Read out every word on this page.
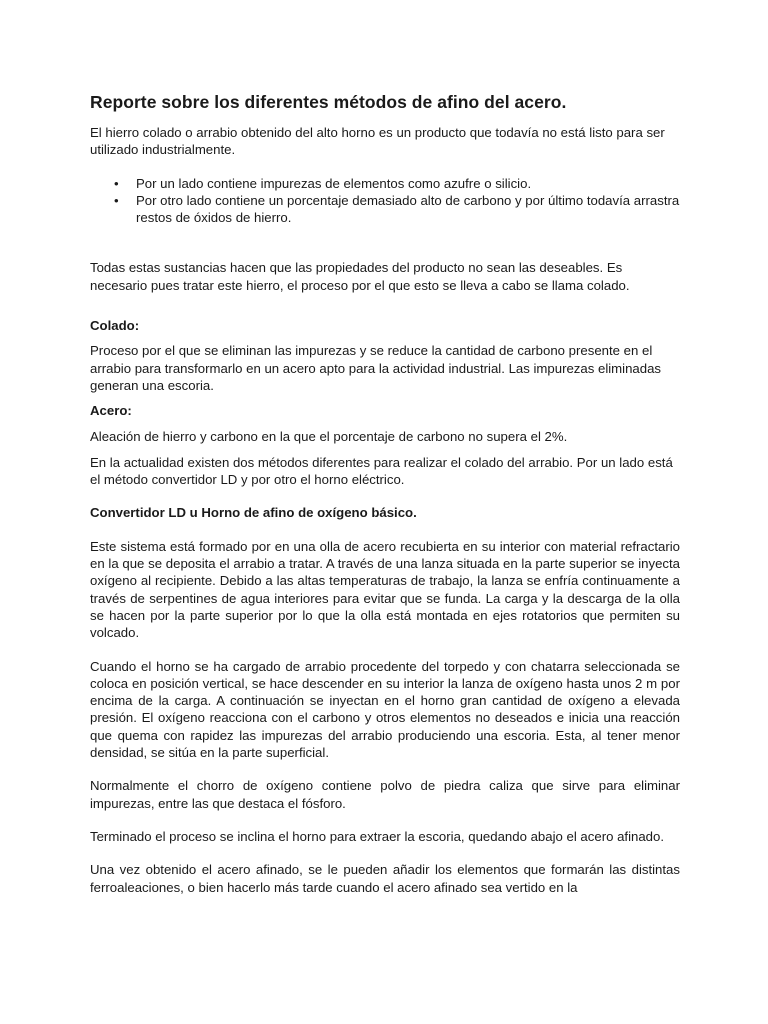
Reporte sobre los diferentes métodos de afino del acero.

El hierro colado o arrabio obtenido del alto horno es un producto que todavía no está listo para ser utilizado industrialmente.

• Por un lado contiene impurezas de elementos como azufre o silicio.
• Por otro lado contiene un porcentaje demasiado alto de carbono y por último todavía arrastra restos de óxidos de hierro.

Todas estas sustancias hacen que las propiedades del producto no sean las deseables. Es necesario pues tratar este hierro, el proceso por el que esto se lleva a cabo se llama colado.

Colado:

Proceso por el que se eliminan las impurezas y se reduce la cantidad de carbono presente en el arrabio para transformarlo en un acero apto para la actividad industrial. Las impurezas eliminadas generan una escoria.

Acero:

Aleación de hierro y carbono en la que el porcentaje de carbono no supera el 2%.

En la actualidad existen dos métodos diferentes para realizar el colado del arrabio. Por un lado está el método convertidor LD y por otro el horno eléctrico.

Convertidor LD u Horno de afino de oxígeno básico.

Este sistema está formado por en una olla de acero recubierta en su interior con material refractario en la que se deposita el arrabio a tratar. A través de una lanza situada en la parte superior se inyecta oxígeno al recipiente. Debido a las altas temperaturas de trabajo, la lanza se enfría continuamente a través de serpentines de agua interiores para evitar que se funda. La carga y la descarga de la olla se hacen por la parte superior por lo que la olla está montada en ejes rotatorios que permiten su volcado.

Cuando el horno se ha cargado de arrabio procedente del torpedo y con chatarra seleccionada se coloca en posición vertical, se hace descender en su interior la lanza de oxígeno hasta unos 2 m por encima de la carga. A continuación se inyectan en el horno gran cantidad de oxígeno a elevada presión. El oxígeno reacciona con el carbono y otros elementos no deseados e inicia una reacción que quema con rapidez las impurezas del arrabio produciendo una escoria. Esta, al tener menor densidad, se sitúa en la parte superficial.

Normalmente el chorro de oxígeno contiene polvo de piedra caliza que sirve para eliminar impurezas, entre las que destaca el fósforo.

Terminado el proceso se inclina el horno para extraer la escoria, quedando abajo el acero afinado.

Una vez obtenido el acero afinado, se le pueden añadir los elementos que formarán las distintas ferroaleaciones, o bien hacerlo más tarde cuando el acero afinado sea vertido en la
